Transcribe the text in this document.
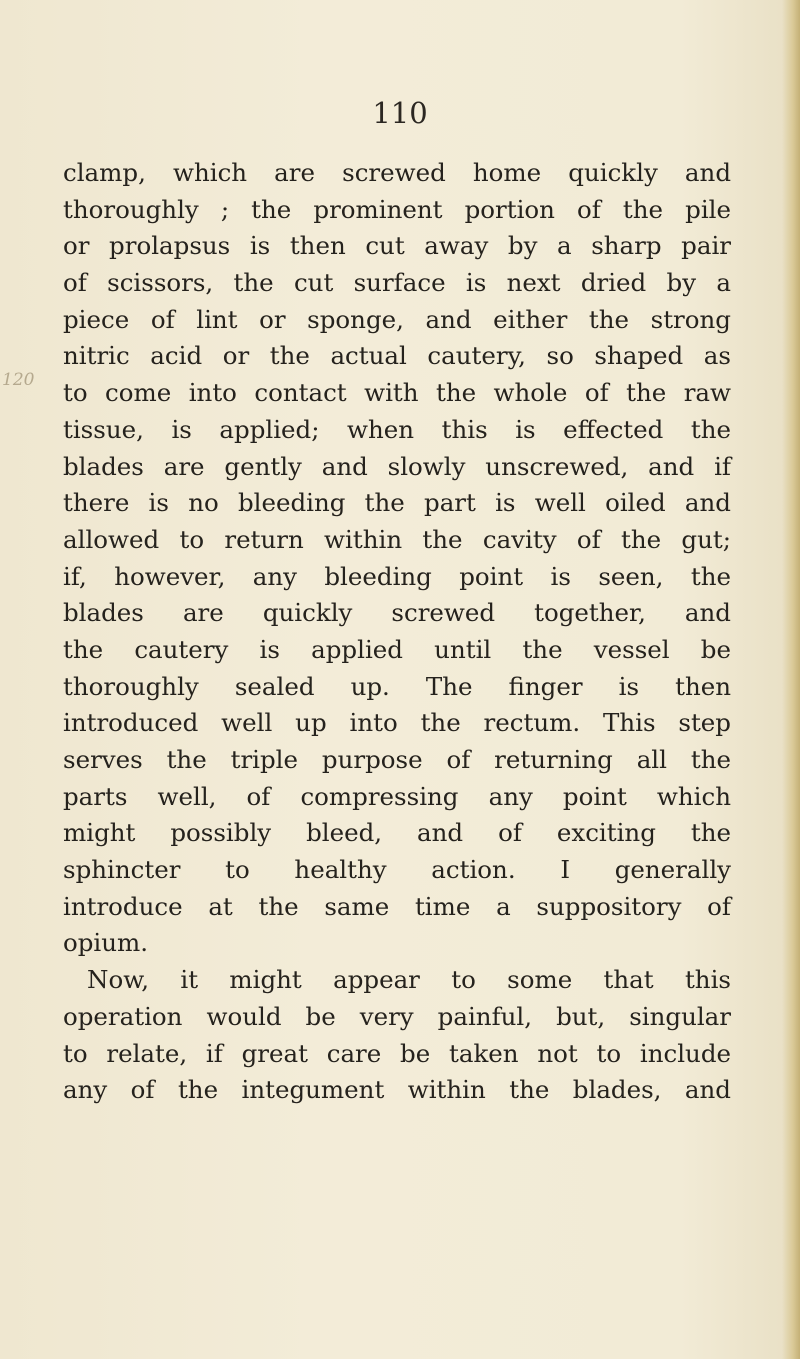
110
120
clamp, which are screwed home quickly and
thoroughly ; the prominent portion of the pile
or prolapsus is then cut away by a sharp pair
of scissors, the cut surface is next dried by a
piece of lint or sponge, and either the strong
nitric acid or the actual cautery, so shaped as
to come into contact with the whole of the raw
tissue, is applied; when this is effected the
blades are gently and slowly unscrewed, and if
there is no bleeding the part is well oiled and
allowed to return within the cavity of the gut;
if, however, any bleeding point is seen, the
blades are quickly screwed together, and
the cautery is applied until the vessel be
thoroughly sealed up. The finger is then
introduced well up into the rectum. This step
serves the triple purpose of returning all the
parts well, of compressing any point which
might possibly bleed, and of exciting the
sphincter to healthy action. I generally
introduce at the same time a suppository of
opium.
Now, it might appear to some that this
operation would be very painful, but, singular
to relate, if great care be taken not to include
any of the integument within the blades, and
